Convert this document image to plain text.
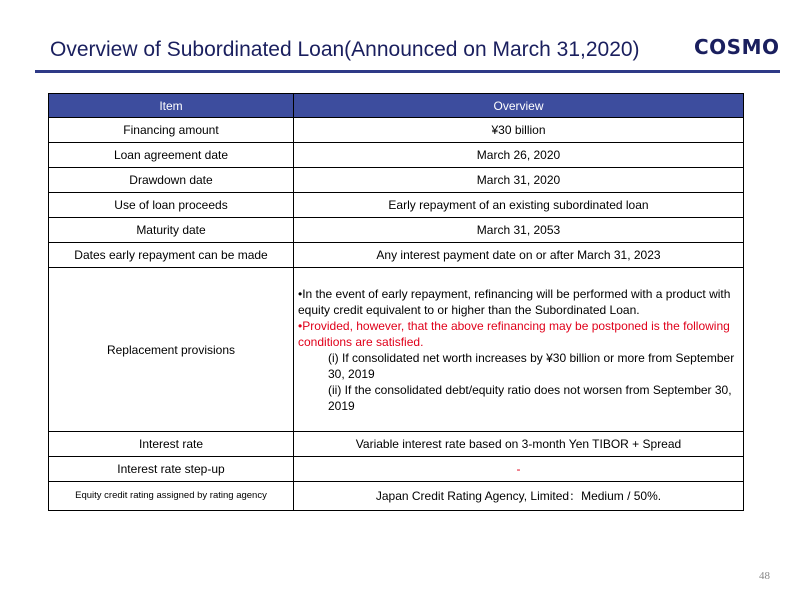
Overview of Subordinated Loan(Announced on March 31,2020)	COSMO
Item	Overview
Financing amount	¥30 billion
Loan agreement date	March 26, 2020
Drawdown date	March 31, 2020
Use of loan proceeds	Early repayment of an existing subordinated loan
Maturity date	March 31, 2053
Dates early repayment can be made	Any interest payment date on or after March 31, 2023
Replacement provisions	•In the event of early repayment, refinancing will be performed with a product with equity credit equivalent to or higher than the Subordinated Loan.
•Provided, however, that the above refinancing may be postponed is the following conditions are satisfied.
(i) If consolidated net worth increases by ¥30 billion or more from September 30, 2019
(ii) If the consolidated debt/equity ratio does not worsen from September 30, 2019

Interest rate	Variable interest rate based on 3-month Yen TIBOR + Spread
Interest rate step-up	-
Equity credit rating assigned by rating agency	Japan Credit Rating Agency, Limited：Medium / 50%.
48
